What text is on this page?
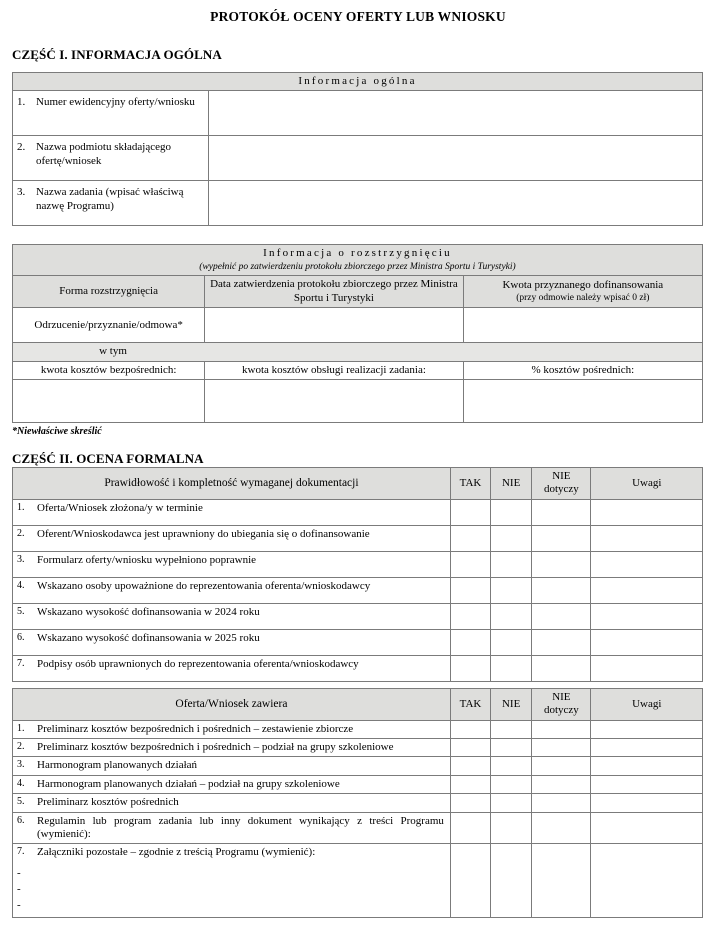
PROTOKÓŁ OCENY OFERTY LUB WNIOSKU
CZĘŚĆ I. INFORMACJA OGÓLNA
Informacja ogólna	

1. Numer ewidencyjny oferty/wniosku	

2. Nazwa podmiotu składającego ofertę/wniosek	

3. Nazwa zadania (wpisać właściwą nazwę Programu)	

Informacja o rozstrzygnięciu
(wypełnić po zatwierdzeniu protokołu zbiorczego przez Ministra Sportu i Turystyki)		

Forma rozstrzygnięcia	Data zatwierdzenia protokołu zbiorczego przez Ministra Sportu i Turystyki	Kwota przyznanego dofinansowania
(przy odmowie należy wpisać 0 zł)

Odrzucenie/przyznanie/odmowa*		

w tym		

kwota kosztów bezpośrednich:	kwota kosztów obsługi realizacji zadania:	% kosztów pośrednich:

*Niewłaściwe skreślić

CZĘŚĆ II. OCENA FORMALNA
Prawidłowość i kompletność wymaganej dokumentacji	TAK	NIE	NIE
dotyczy	Uwagi

1. Oferta/Wniosek złożona/y w terminie				

2. Oferent/Wnioskodawca jest uprawniony do ubiegania się o dofinansowanie				

3. Formularz oferty/wniosku wypełniono poprawnie				

4. Wskazano osoby upoważnione do reprezentowania oferenta/wnioskodawcy				

5. Wskazano wysokość dofinansowania w 2024 roku				

6. Wskazano wysokość dofinansowania w 2025 roku				

7. Podpisy osób uprawnionych do reprezentowania oferenta/wnioskodawcy				

Oferta/Wniosek zawiera	TAK	NIE	NIE
dotyczy	Uwagi

1. Preliminarz kosztów bezpośrednich i pośrednich – zestawienie zbiorcze				

2. Preliminarz kosztów bezpośrednich i pośrednich – podział na grupy szkoleniowe				

3. Harmonogram planowanych działań				

4. Harmonogram planowanych działań – podział na grupy szkoleniowe				

5. Preliminarz kosztów pośrednich				

6. Regulamin lub program zadania lub inny dokument wynikający z treści Programu (wymienić):				

7. Załączniki pozostałe – zgodnie z treścią Programu (wymienić):
-
-
-				
